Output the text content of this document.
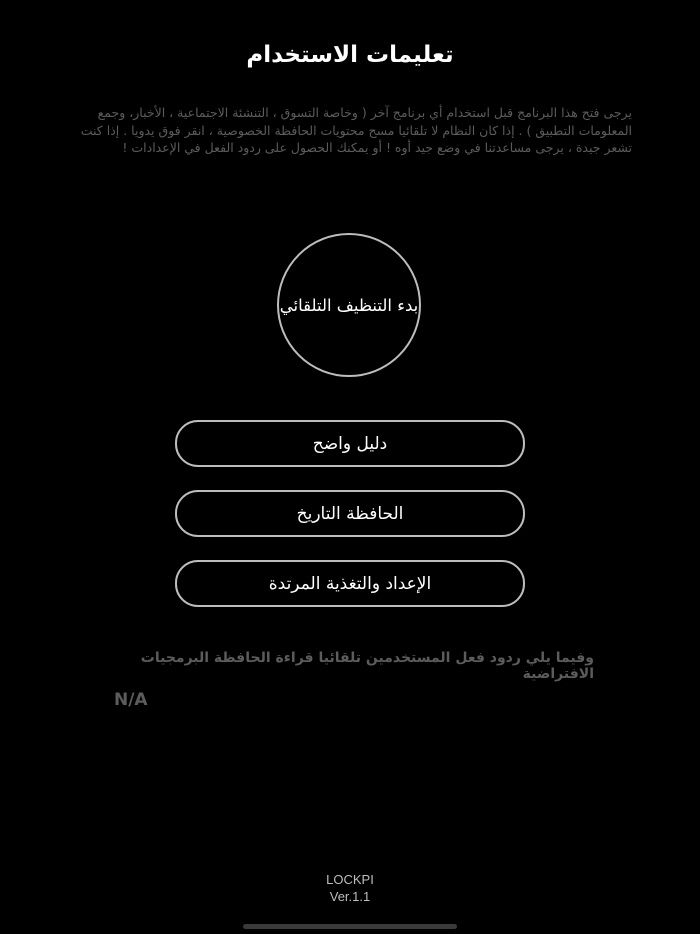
تعليمات الاستخدام
يرجى فتح هذا البرنامج قبل استخدام أي برنامج آخر ( وخاصة التسوق ، التنشئة الاجتماعية ، الأخبار، وجمع المعلومات التطبيق ) . إذا كان النظام لا تلقائيا مسح محتويات الحافظة الخصوصية ، انقر فوق يدويا . إذا كنت تشعر جيدة ، يرجى مساعدتنا في وضع جيد أوه ! أو يمكنك الحصول على ردود الفعل في الإعدادات !
بدء التنظيف التلقائي
دليل واضح
الحافظة التاريخ
الإعداد والتغذية المرتدة
وفيما يلي ردود فعل المستخدمين تلقائيا قراءة الحافظة البرمجيات الافتراضية
N/A
LOCKPI
Ver.1.1
